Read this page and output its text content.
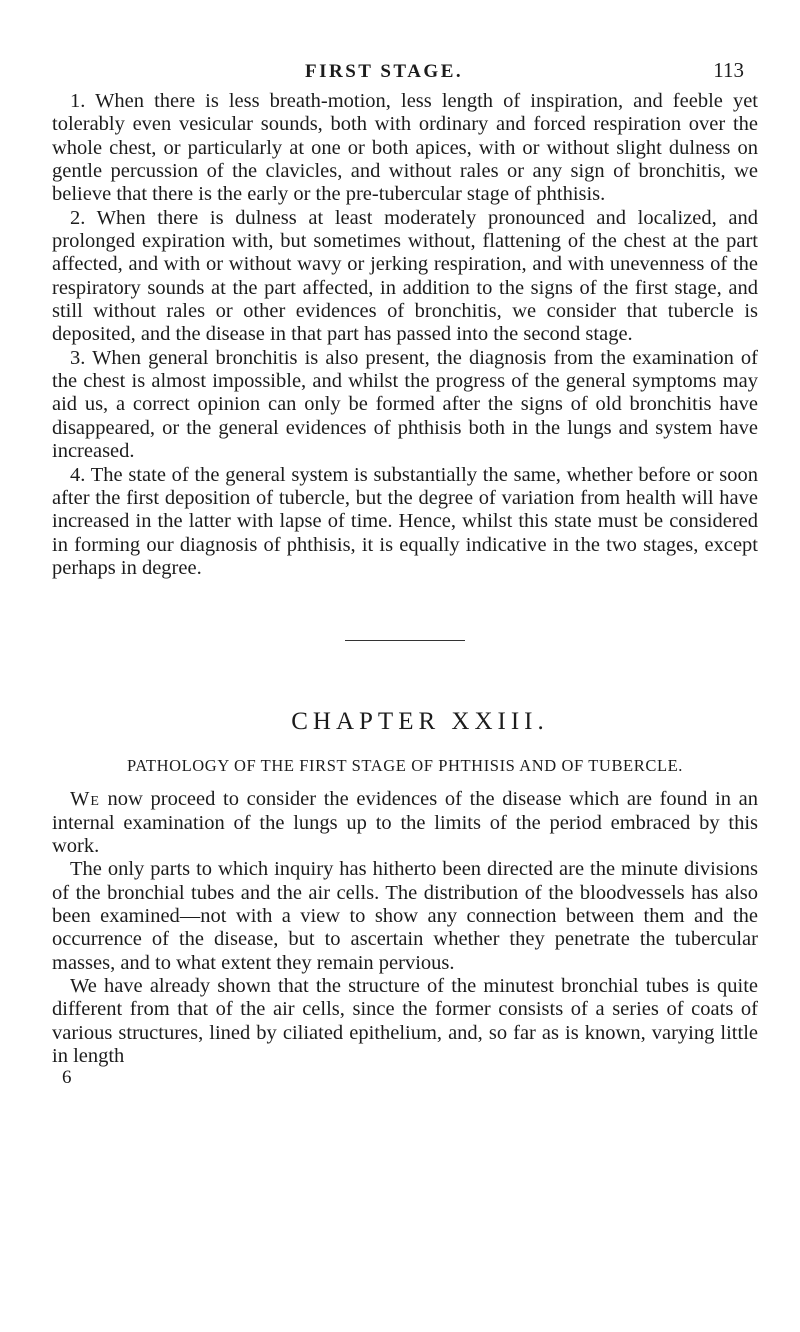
FIRST STAGE.	113

1. When there is less breath-motion, less length of inspiration, and feeble yet tolerably even vesicular sounds, both with ordinary and forced respiration over the whole chest, or particularly at one or both apices, with or without slight dulness on gentle percussion of the clavicles, and without rales or any sign of bronchitis, we believe that there is the early or the pre-tubercular stage of phthisis.

2. When there is dulness at least moderately pronounced and localized, and prolonged expiration with, but sometimes without, flattening of the chest at the part affected, and with or without wavy or jerking respiration, and with unevenness of the respiratory sounds at the part affected, in addition to the signs of the first stage, and still without rales or other evidences of bronchitis, we consider that tubercle is deposited, and the disease in that part has passed into the second stage.

3. When general bronchitis is also present, the diagnosis from the examination of the chest is almost impossible, and whilst the progress of the general symptoms may aid us, a correct opinion can only be formed after the signs of old bronchitis have disappeared, or the general evidences of phthisis both in the lungs and system have increased.

4. The state of the general system is substantially the same, whether before or soon after the first deposition of tubercle, but the degree of variation from health will have increased in the latter with lapse of time. Hence, whilst this state must be considered in forming our diagnosis of phthisis, it is equally indicative in the two stages, except perhaps in degree.

CHAPTER XXIII.
PATHOLOGY OF THE FIRST STAGE OF PHTHISIS AND OF TUBERCLE.

We now proceed to consider the evidences of the disease which are found in an internal examination of the lungs up to the limits of the period embraced by this work.

The only parts to which inquiry has hitherto been directed are the minute divisions of the bronchial tubes and the air cells. The distribution of the bloodvessels has also been examined—not with a view to show any connection between them and the occurrence of the disease, but to ascertain whether they penetrate the tubercular masses, and to what extent they remain pervious.

We have already shown that the structure of the minutest bronchial tubes is quite different from that of the air cells, since the former consists of a series of coats of various structures, lined by ciliated epithelium, and, so far as is known, varying little in length

6
